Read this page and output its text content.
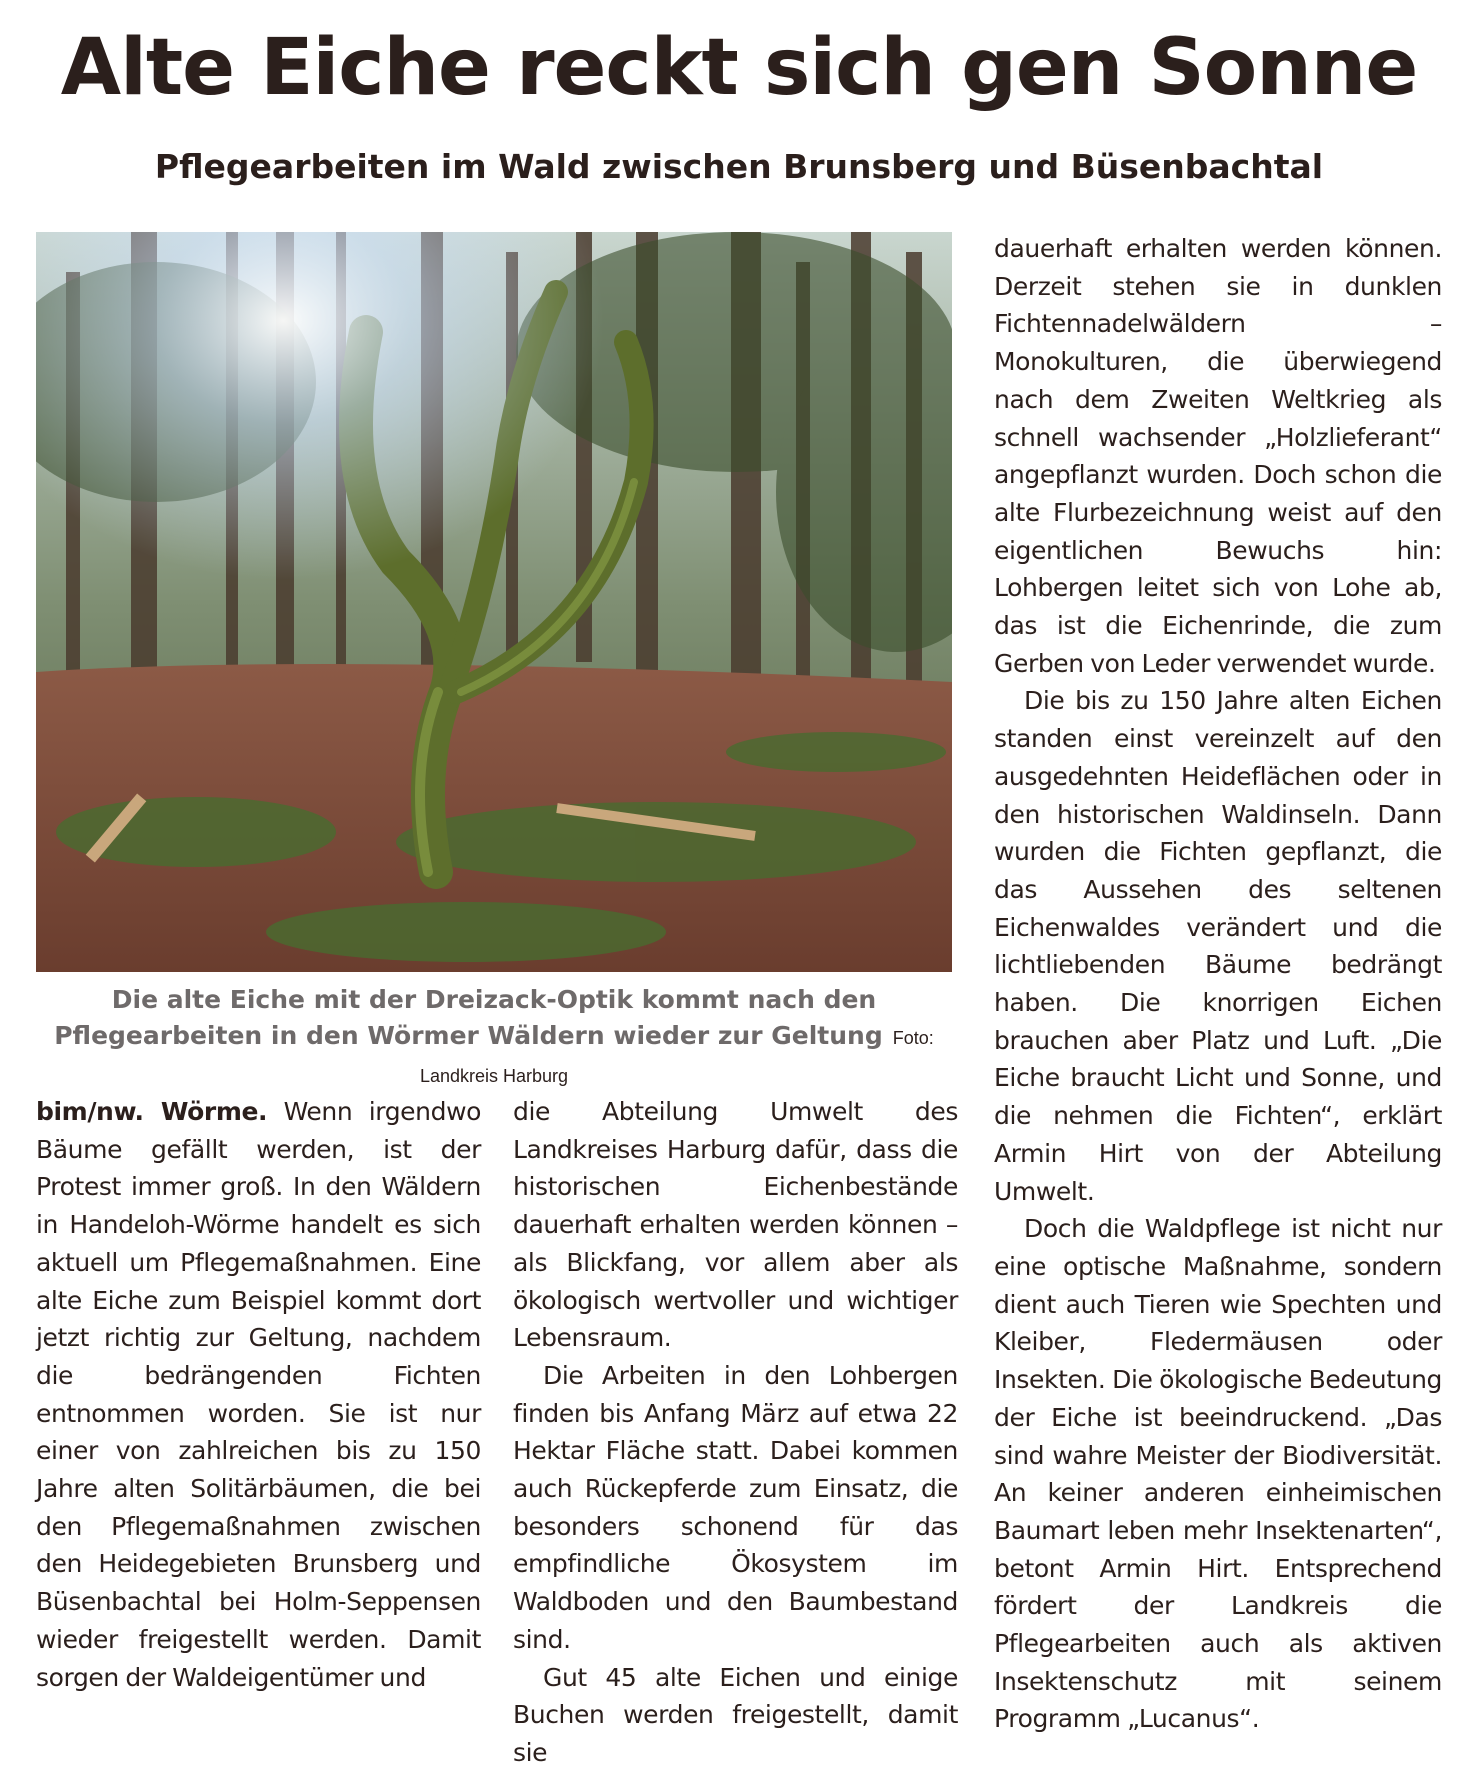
Alte Eiche reckt sich gen Sonne
Pflegearbeiten im Wald zwischen Brunsberg und Büsenbachtal
Die alte Eiche mit der Dreizack-Optik kommt nach den Pflegearbeiten in den Wörmer Wäldern wieder zur Geltung Foto: Landkreis Harburg

bim/nw. Wörme. Wenn irgendwo Bäume gefällt werden, ist der Protest immer groß. In den Wäldern in Handeloh-Wörme handelt es sich aktuell um Pflegemaßnahmen. Eine alte Eiche zum Beispiel kommt dort jetzt richtig zur Geltung, nachdem die bedrängenden Fichten entnommen worden. Sie ist nur einer von zahlreichen bis zu 150 Jahre alten Solitärbäumen, die bei den Pflegemaßnahmen zwischen den Heidegebieten Brunsberg und Büsenbachtal bei Holm-Seppensen wieder freigestellt werden. Damit sorgen der Waldeigentümer und

die Abteilung Umwelt des Landkreises Harburg dafür, dass die historischen Eichenbestände dauerhaft erhalten werden können – als Blickfang, vor allem aber als ökologisch wertvoller und wichtiger Lebensraum.

Die Arbeiten in den Lohbergen finden bis Anfang März auf etwa 22 Hektar Fläche statt. Dabei kommen auch Rückepferde zum Einsatz, die besonders schonend für das empfindliche Ökosystem im Waldboden und den Baumbestand sind.

Gut 45 alte Eichen und einige Buchen werden freigestellt, damit sie

dauerhaft erhalten werden können. Derzeit stehen sie in dunklen Fichtennadelwäldern – Monokulturen, die überwiegend nach dem Zweiten Weltkrieg als schnell wachsender „Holzlieferant“ angepflanzt wurden. Doch schon die alte Flurbezeichnung weist auf den eigentlichen Bewuchs hin: Lohbergen leitet sich von Lohe ab, das ist die Eichenrinde, die zum Gerben von Leder verwendet wurde.

Die bis zu 150 Jahre alten Eichen standen einst vereinzelt auf den ausgedehnten Heideflächen oder in den historischen Waldinseln. Dann wurden die Fichten gepflanzt, die das Aussehen des seltenen Eichenwaldes verändert und die lichtliebenden Bäume bedrängt haben. Die knorrigen Eichen brauchen aber Platz und Luft. „Die Eiche braucht Licht und Sonne, und die nehmen die Fichten“, erklärt Armin Hirt von der Abteilung Umwelt.

Doch die Waldpflege ist nicht nur eine optische Maßnahme, sondern dient auch Tieren wie Spechten und Kleiber, Fledermäusen oder Insekten. Die ökologische Bedeutung der Eiche ist beeindruckend. „Das sind wahre Meister der Biodiversität. An keiner anderen einheimischen Baumart leben mehr Insektenarten“, betont Armin Hirt. Entsprechend fördert der Landkreis die Pflegearbeiten auch als aktiven Insektenschutz mit seinem Programm „Lucanus“.
